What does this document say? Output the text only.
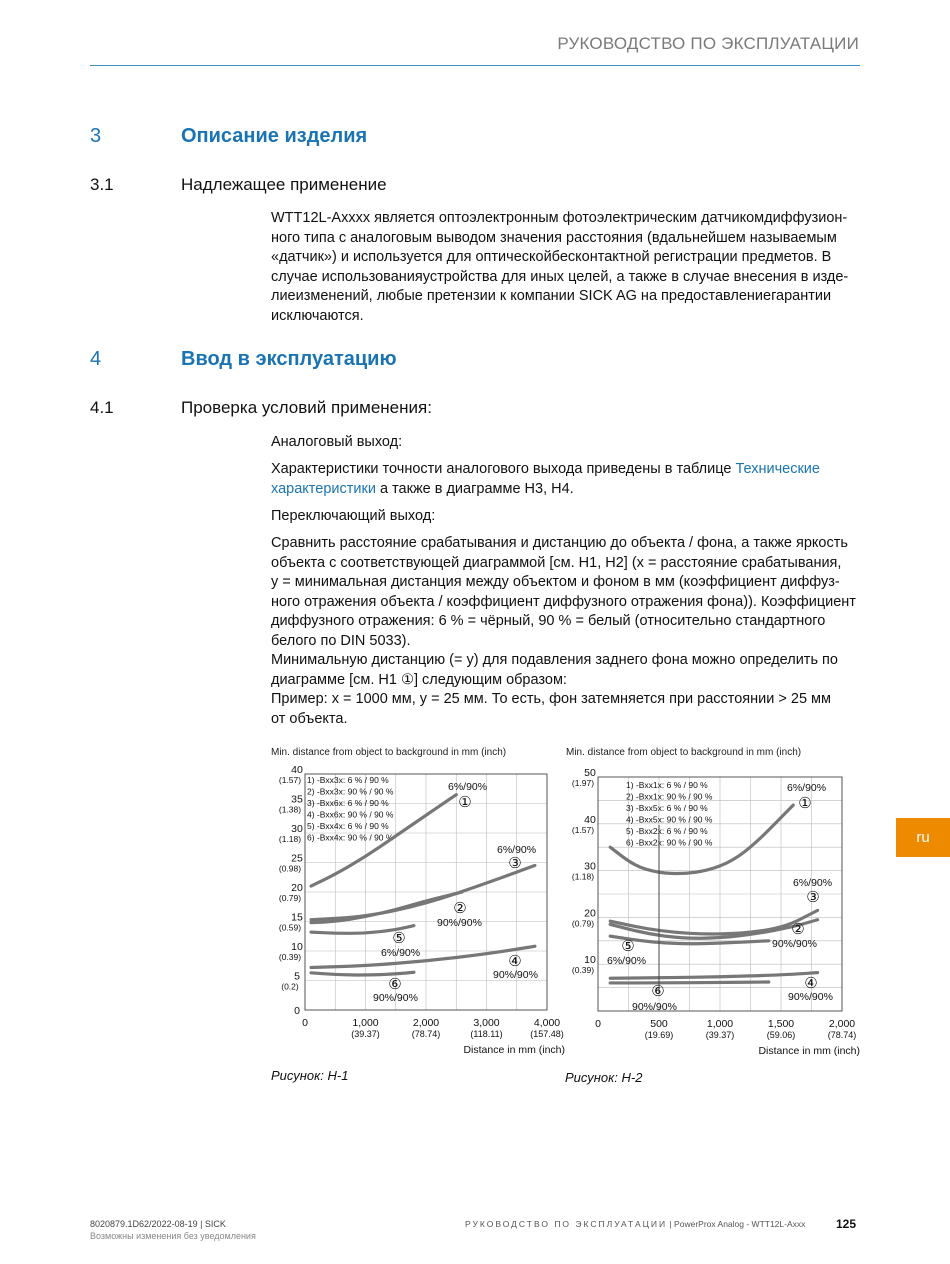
РУКОВОДСТВО ПО ЭКСПЛУАТАЦИИ
3	Описание изделия
3.1	Надлежащее применение
WTT12L-Axxxx является оптоэлектронным фотоэлектрическим датчикомдиффузион-
ного типа с аналоговым выводом значения расстояния (вдальнейшем называемым
«датчик») и используется для оптическойбесконтактной регистрации предметов. В
случае использованияустройства для иных целей, а также в случае внесения в изде-
лиеизменений, любые претензии к компании SICK AG на предоставлениегарантии
исключаются.
4	Ввод в эксплуатацию
4.1	Проверка условий применения:
Аналоговый выход:
Характеристики точности аналогового выхода приведены в таблице Технические
характеристики а также в диаграмме H3, H4.
Переключающий выход:
Сравнить расстояние срабатывания и дистанцию до объекта / фона, а также яркость
объекта с соответствующей диаграммой [см. H1, H2] (x = расстояние срабатывания,
y = минимальная дистанция между объектом и фоном в мм (коэффициент диффуз-
ного отражения объекта / коэффициент диффузного отражения фона)). Коэффициент
диффузного отражения: 6 % = чёрный, 90 % = белый (относительно стандартного
белого по DIN 5033).
Минимальную дистанцию (= y) для подавления заднего фона можно определить по
диаграмме [см. H1 ①] следующим образом:
Пример: x = 1000 мм, y = 25 мм. То есть, фон затемняется при расстоянии > 25 мм
от объекта.
Min. distance from object to background in mm (inch)
0	1,000
(39.37)
2,000
(78.74)
3,000
(118.11)
4,000
(157.48)
0
5
(0.2)
10
(0.39)
15
(0.59)
20
(0.79)
25
(0.98)
30
(1.18)
35
(1.38)
40
(1.57)
Distance in mm (inch)
1) -Bxx3x: 6 % / 90 %
2) -Bxx3x: 90 % / 90 %
3) -Bxx6x: 6 % / 90 %
4) -Bxx6x: 90 % / 90 %
5) -Bxx4x: 6 % / 90 %
6) -Bxx4x: 90 % / 90 %
①
6%/90%
②
90%/90%
③
6%/90%
④
90%/90%
⑤
6%/90%
⑥
90%/90%
Min. distance from object to background in mm (inch)
0	500
(19.69)
1,000
(39.37)
1,500
(59.06)
2,000
(78.74)
10
(0.39)
20
(0.79)
30
(1.18)
40
(1.57)
50
(1.97)
Distance in mm (inch)
1) -Bxx1x: 6 % / 90 %
2) -Bxx1x: 90 % / 90 %
3) -Bxx5x: 6 % / 90 %
4) -Bxx5x: 90 % / 90 %
5) -Bxx2x: 6 % / 90 %
6) -Bxx2x: 90 % / 90 %
①
6%/90%
②
90%/90%
③
6%/90%
④
90%/90%
⑤
6%/90%
⑥
90%/90%
Рисунок: H-1	Рисунок: H-2
ru
8020879.1D62/2022-08-19 | SICK
Возможны изменения без уведомления
РУКОВОДСТВО ПО ЭКСПЛУАТАЦИИ | PowerProx Analog - WTT12L-Axxx	125
